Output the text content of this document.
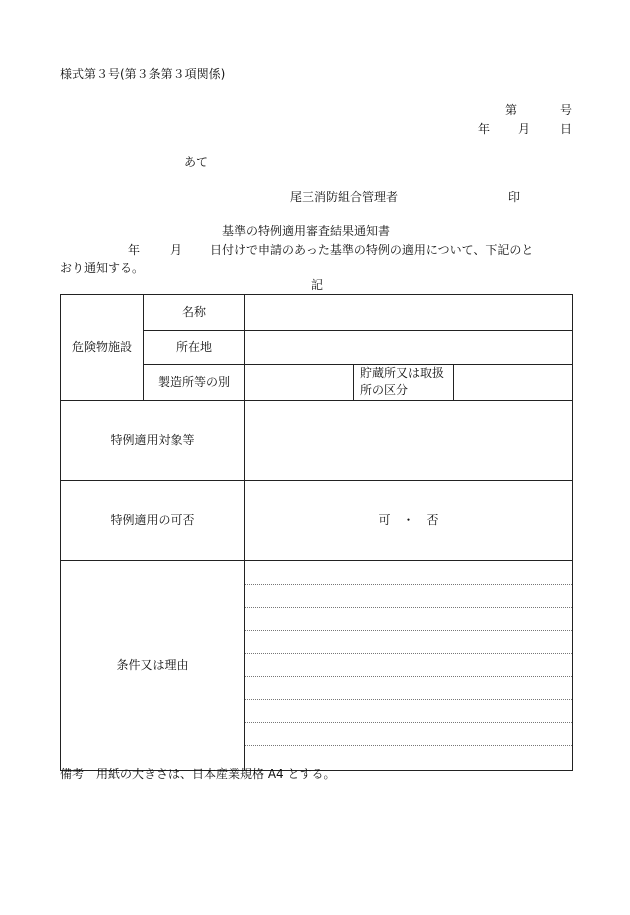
様式第３号(第３条第３項関係)
第	号
年 月 日
あて
尾三消防組合管理者	印
基準の特例適用審査結果通知書
年 月 日付けで申請のあった基準の特例の適用について、下記のと
おり通知する。
記
危険物施設	名称			
	所在地			
	製造所等の別		貯蔵所又は取扱所の区分	
特例適用対象等				
特例適用の可否		可　・　否		
条件又は理由				
備考　用紙の大きさは、日本産業規格 A4 とする。
